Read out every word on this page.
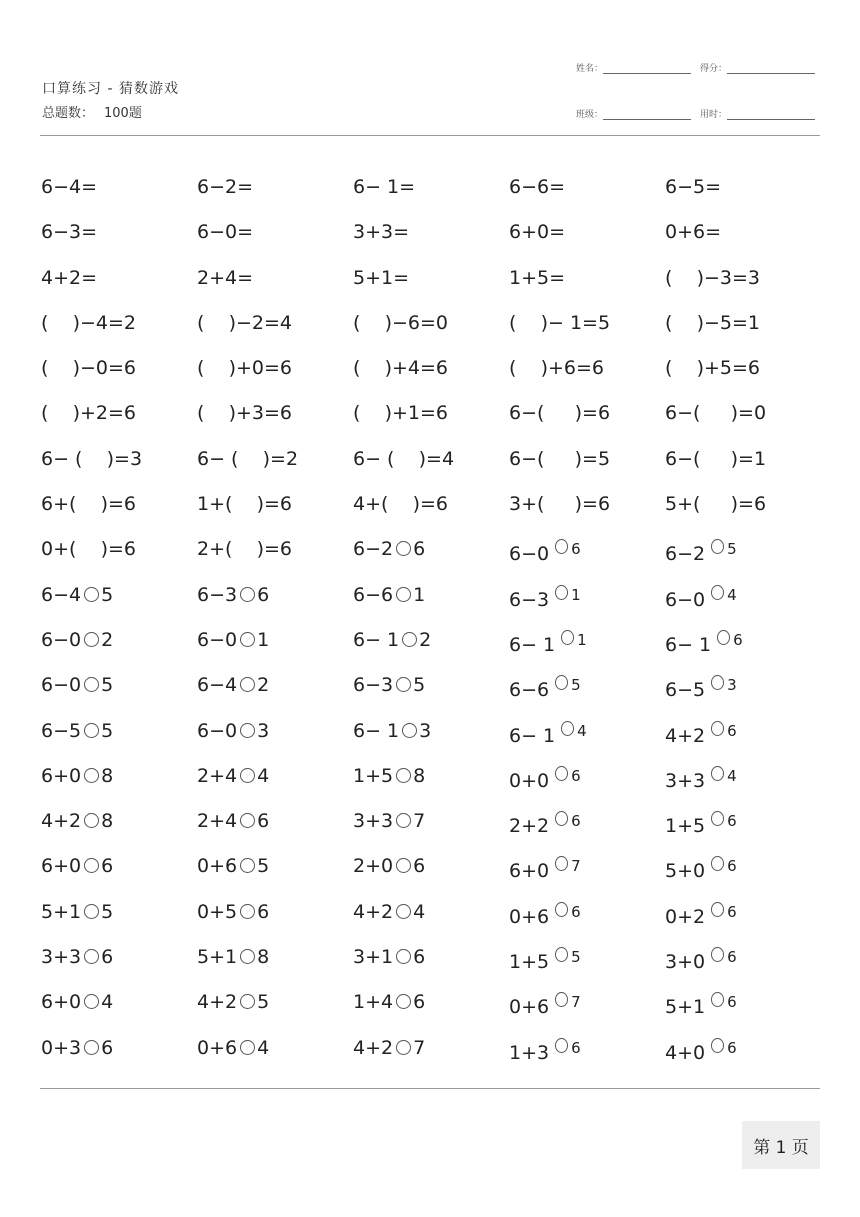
口算练习 - 猜数游戏
总题数： 100题
姓名：	得分：
班级：	用时：
6−4=	6−2=	6− 1=	6−6=	6−5=
6−3=	6−0=	3+3=	6+0=	0+6=
4+2=	2+4=	5+1=	1+5=	(    )−3=3
(    )−4=2	(    )−2=4	(    )−6=0	(    )− 1=5	(    )−5=1
(    )−0=6	(    )+0=6	(    )+4=6	(    )+6=6	(    )+5=6
(    )+2=6	(    )+3=6	(    )+1=6	6−(     )=6	6−(     )=0
6− (    )=3	6− (    )=2	6− (    )=4	6−(     )=5	6−(     )=1
6+(    )=6	1+(    )=6	4+(    )=6	3+(     )=6	5+(     )=6
0+(    )=6	2+(    )=6	6−2 6	6−0 $^6$	6−2 $^5$
6−4 5	6−3 6	6−6 1	6−3 $^1$	6−0 $^4$
6−0 2	6−0 1	6− 1 2	6− 1 $^1$	6− 1 $^6$
6−0 5	6−4 2	6−3 5	6−6 $^5$	6−5 $^3$
6−5 5	6−0 3	6− 1 3	6− 1 $^4$	4+2 $^6$
6+0 8	2+4 4	1+5 8	0+0 $^6$	3+3 $^4$
4+2 8	2+4 6	3+3 7	2+2 $^6$	1+5 $^6$
6+0 6	0+6 5	2+0 6	6+0 $^7$	5+0 $^6$
5+1 5	0+5 6	4+2 4	0+6 $^6$	0+2 $^6$
3+3 6	5+1 8	3+1 6	1+5 $^5$	3+0 $^6$
6+0 4	4+2 5	1+4 6	0+6 $^7$	5+1 $^6$
0+3 6	0+6 4	4+2 7	1+3 $^6$	4+0 $^6$
第 1 页
